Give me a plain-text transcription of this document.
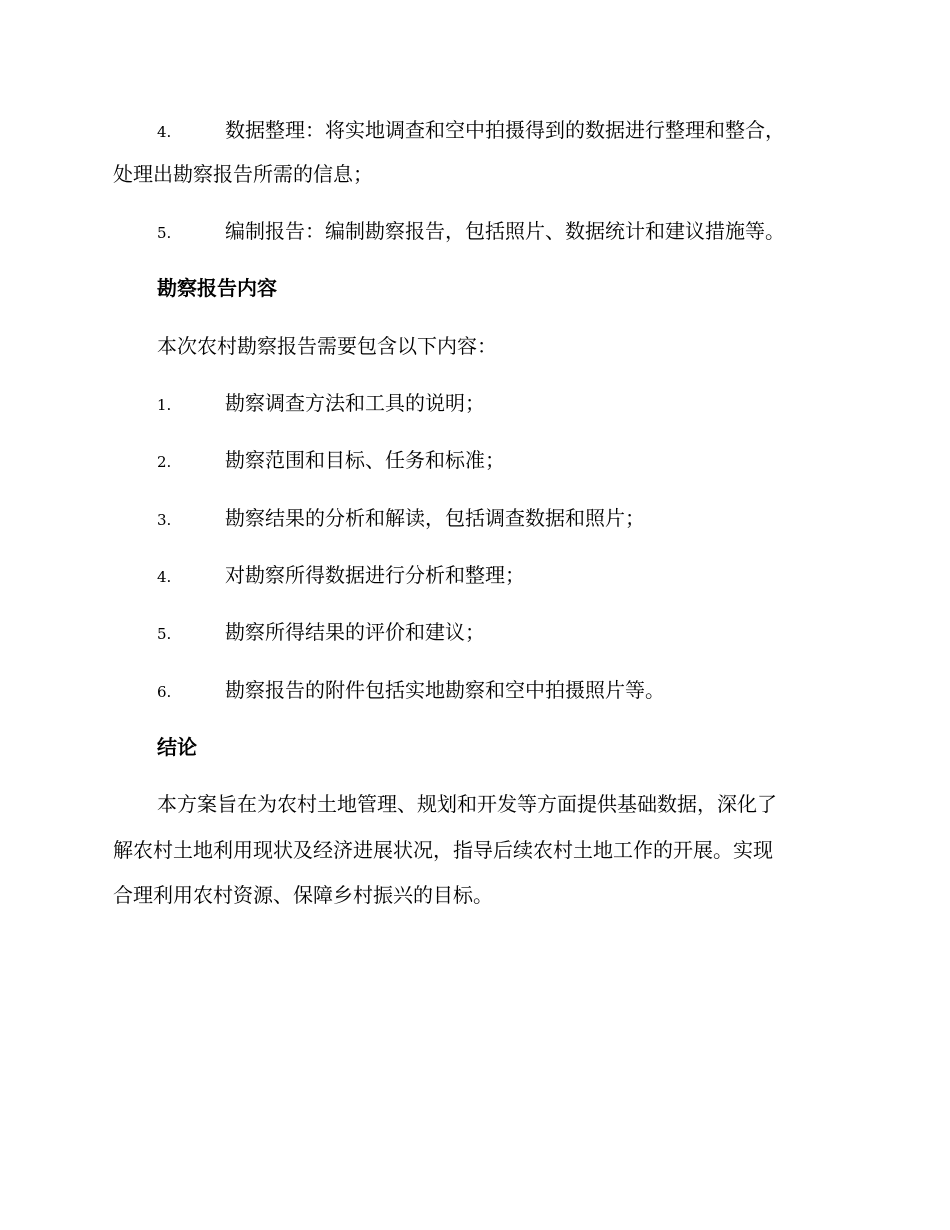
4.	数据整理：将实地调查和空中拍摄得到的数据进行整理和整合，
处理出勘察报告所需的信息；
5.	编制报告：编制勘察报告，包括照片、数据统计和建议措施等。
勘察报告内容
本次农村勘察报告需要包含以下内容：
1.	勘察调查方法和工具的说明；
2.	勘察范围和目标、任务和标准；
3.	勘察结果的分析和解读，包括调查数据和照片；
4.	对勘察所得数据进行分析和整理；
5.	勘察所得结果的评价和建议；
6.	勘察报告的附件包括实地勘察和空中拍摄照片等。
结论
本方案旨在为农村土地管理、规划和开发等方面提供基础数据，深化了
解农村土地利用现状及经济进展状况，指导后续农村土地工作的开展。实现
合理利用农村资源、保障乡村振兴的目标。
